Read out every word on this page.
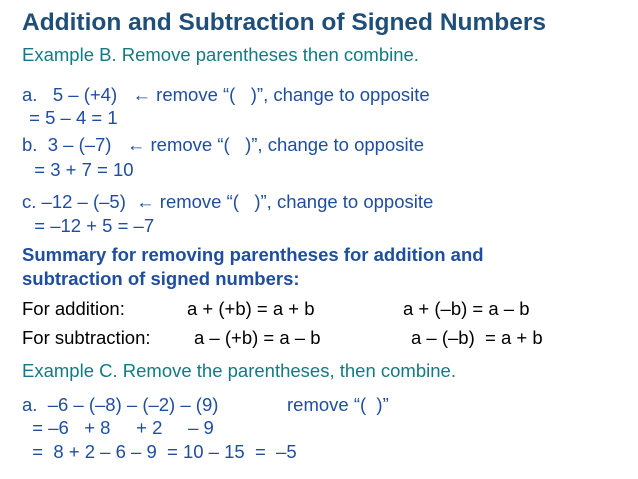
Addition and Subtraction of Signed Numbers
Example B. Remove parentheses then combine.
a.   5 – (+4)   ← remove “(   )”, change to opposite
= 5 – 4 = 1
b.  3 – (–7)   ← remove “(   )”, change to opposite
= 3 + 7 = 10
c. –12 – (–5)  ← remove “(   )”, change to opposite
= –12 + 5 = –7
Summary for removing parentheses for addition and
subtraction of signed numbers:
For addition:	a + (+b) = a + b	a + (–b) = a – b
For subtraction: a – (+b) = a – b	a – (–b)  = a + b
Example C. Remove the parentheses, then combine.
a.  –6 – (–8) – (–2) – (9)	remove “(  )”
= –6   + 8     + 2     – 9
=  8 + 2 – 6 – 9  = 10 – 15  =  –5
